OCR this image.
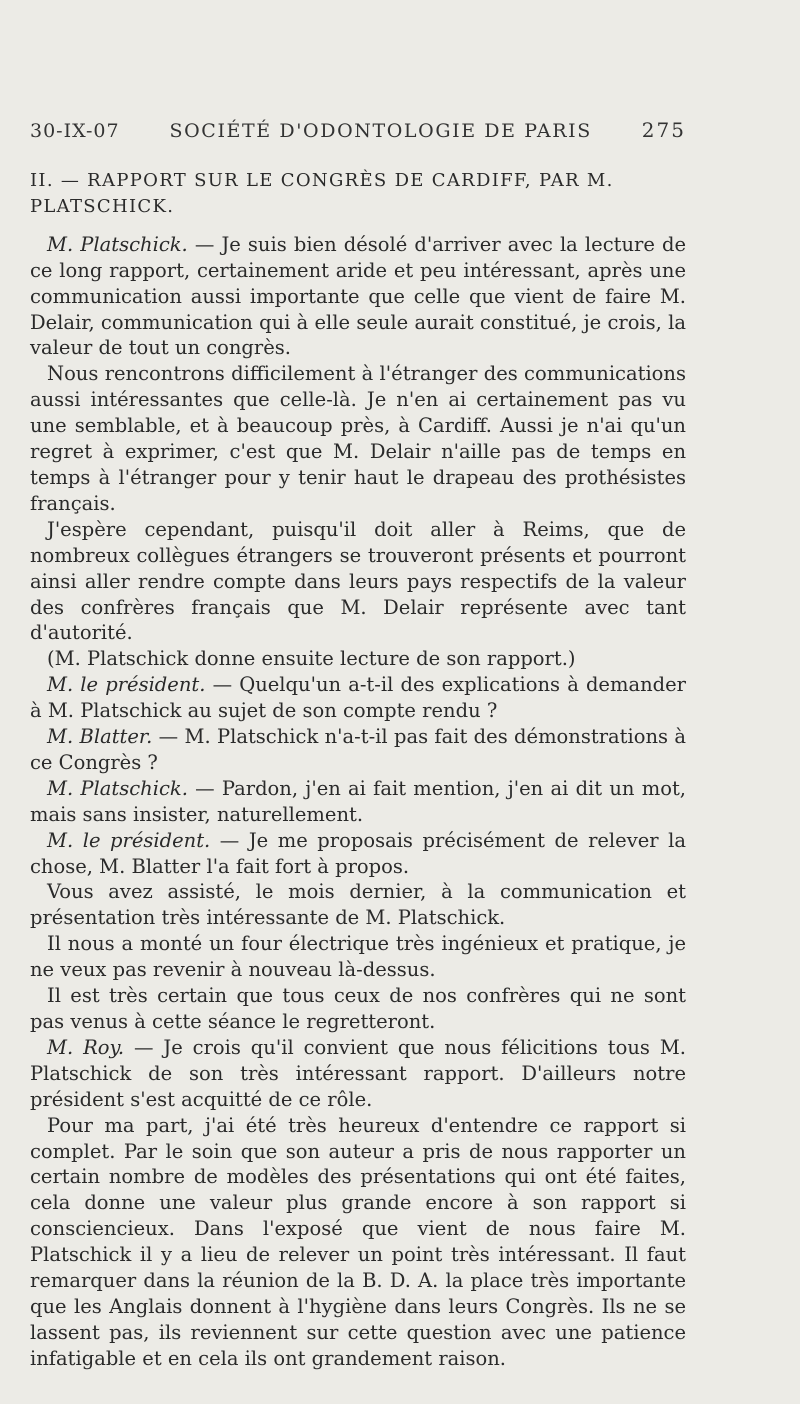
30-IX-07	SOCIÉTÉ D'ODONTOLOGIE DE PARIS 275

II. — RAPPORT SUR LE CONGRÈS DE CARDIFF, PAR M. PLATSCHICK.

M. Platschick. — Je suis bien désolé d'arriver avec la lecture de ce long rapport, certainement aride et peu intéressant, après une communication aussi importante que celle que vient de faire M. Delair, communication qui à elle seule aurait constitué, je crois, la valeur de tout un congrès.

Nous rencontrons difficilement à l'étranger des communications aussi intéressantes que celle-là. Je n'en ai certainement pas vu une semblable, et à beaucoup près, à Cardiff. Aussi je n'ai qu'un regret à exprimer, c'est que M. Delair n'aille pas de temps en temps à l'étranger pour y tenir haut le drapeau des prothésistes français.

J'espère cependant, puisqu'il doit aller à Reims, que de nombreux collègues étrangers se trouveront présents et pourront ainsi aller rendre compte dans leurs pays respectifs de la valeur des confrères français que M. Delair représente avec tant d'autorité.

(M. Platschick donne ensuite lecture de son rapport.)

M. le président. — Quelqu'un a-t-il des explications à demander à M. Platschick au sujet de son compte rendu ?

M. Blatter. — M. Platschick n'a-t-il pas fait des démonstrations à ce Congrès ?

M. Platschick. — Pardon, j'en ai fait mention, j'en ai dit un mot, mais sans insister, naturellement.

M. le président. — Je me proposais précisément de relever la chose, M. Blatter l'a fait fort à propos.

Vous avez assisté, le mois dernier, à la communication et présentation très intéressante de M. Platschick.

Il nous a monté un four électrique très ingénieux et pratique, je ne veux pas revenir à nouveau là-dessus.

Il est très certain que tous ceux de nos confrères qui ne sont pas venus à cette séance le regretteront.

M. Roy. — Je crois qu'il convient que nous félicitions tous M. Platschick de son très intéressant rapport. D'ailleurs notre président s'est acquitté de ce rôle.

Pour ma part, j'ai été très heureux d'entendre ce rapport si complet. Par le soin que son auteur a pris de nous rapporter un certain nombre de modèles des présentations qui ont été faites, cela donne une valeur plus grande encore à son rapport si consciencieux. Dans l'exposé que vient de nous faire M. Platschick il y a lieu de relever un point très intéressant. Il faut remarquer dans la réunion de la B. D. A. la place très importante que les Anglais donnent à l'hygiène dans leurs Congrès. Ils ne se lassent pas, ils reviennent sur cette question avec une patience infatigable et en cela ils ont grandement raison.
